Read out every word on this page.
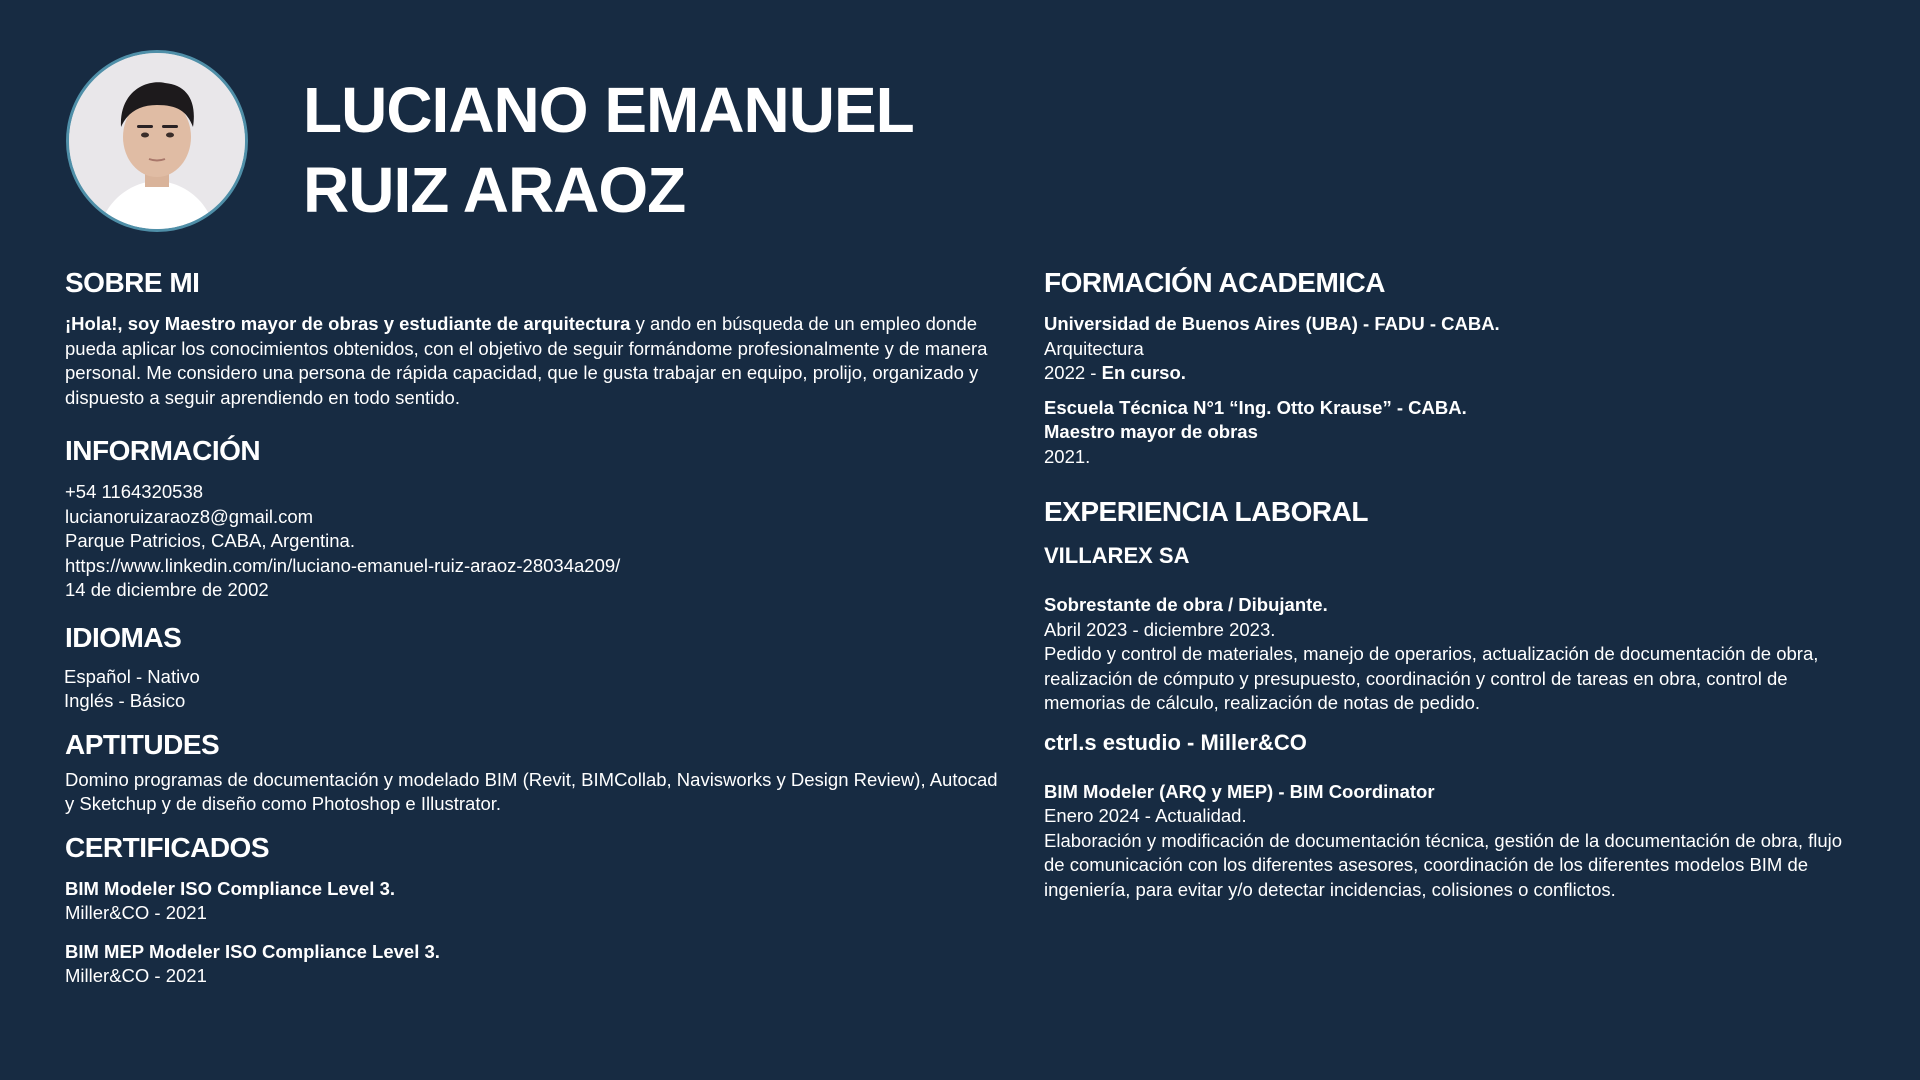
LUCIANO EMANUEL
RUIZ ARAOZ
SOBRE MI

¡Hola!, soy Maestro mayor de obras y estudiante de arquitectura y ando en búsqueda de un empleo donde pueda aplicar los conocimientos obtenidos, con el objetivo de seguir formándome profesionalmente y de manera personal. Me considero una persona de rápida capacidad, que le gusta trabajar en equipo, prolijo, organizado y dispuesto a seguir aprendiendo en todo sentido.

INFORMACIÓN
+54 1164320538
lucianoruizaraoz8@gmail.com
Parque Patricios, CABA, Argentina.
https://www.linkedin.com/in/luciano-emanuel-ruiz-araoz-28034a209/
14 de diciembre de 2002
IDIOMAS
Español - Nativo
Inglés - Básico
APTITUDES

Domino programas de documentación y modelado BIM (Revit, BIMCollab, Navisworks y Design Review), Autocad y Sketchup y de diseño como Photoshop e Illustrator.

CERTIFICADOS
BIM Modeler ISO Compliance Level 3.
Miller&CO - 2021
BIM MEP Modeler ISO Compliance Level 3.
Miller&CO - 2021
FORMACIÓN ACADEMICA
Universidad de Buenos Aires (UBA) - FADU - CABA.
Arquitectura
2022 - En curso.
Escuela Técnica N°1 “Ing. Otto Krause” - CABA.
Maestro mayor de obras
2021.
EXPERIENCIA LABORAL
VILLAREX SA
Sobrestante de obra / Dibujante.
Abril 2023 - diciembre 2023.

Pedido y control de materiales, manejo de operarios, actualización de documentación de obra, realización de cómputo y presupuesto, coordinación y control de tareas en obra, control de memorias de cálculo, realización de notas de pedido.

ctrl.s estudio - Miller&CO
BIM Modeler (ARQ y MEP) - BIM Coordinator
Enero 2024 - Actualidad.

Elaboración y modificación de documentación técnica, gestión de la documentación de obra, flujo de comunicación con los diferentes asesores, coordinación de los diferentes modelos BIM de ingeniería, para evitar y/o detectar incidencias, colisiones o conflictos.
